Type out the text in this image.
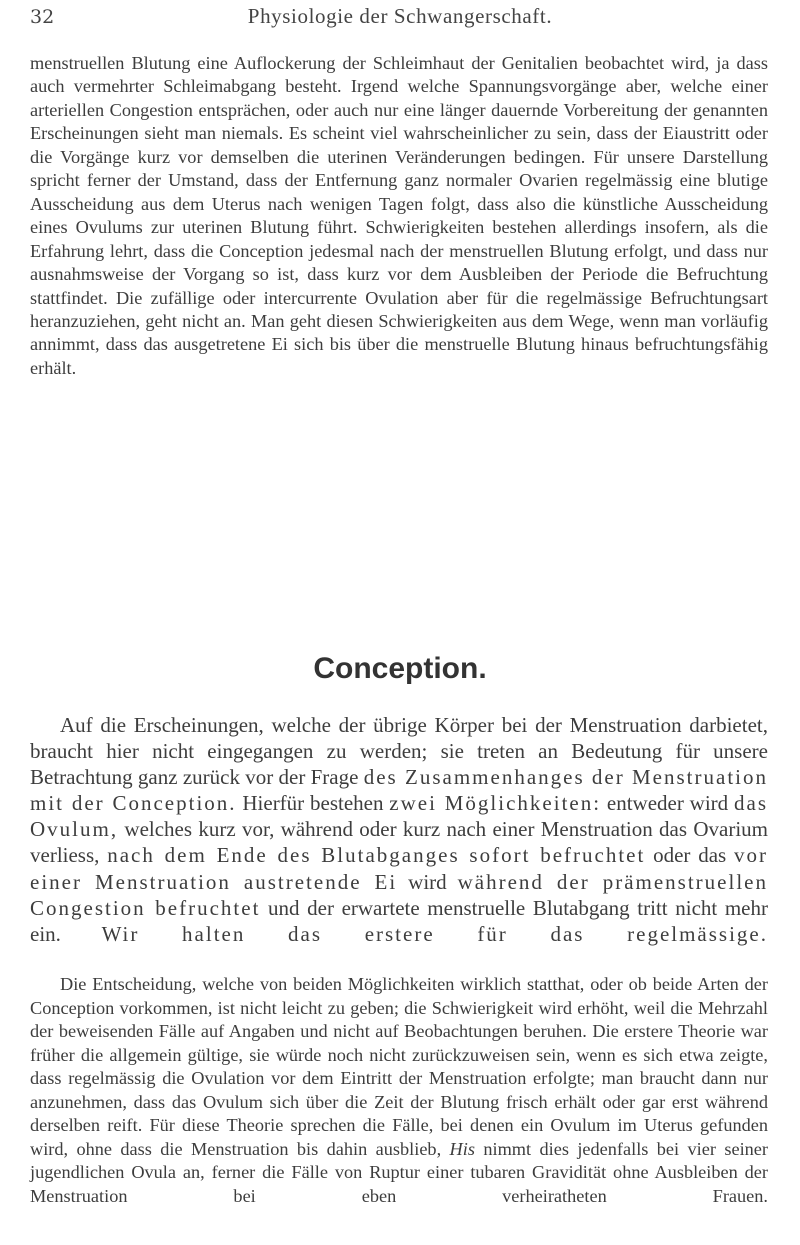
32	Physiologie der Schwangerschaft.

menstruellen Blutung eine Auflockerung der Schleimhaut der Genitalien beobachtet wird, ja dass auch vermehrter Schleimabgang besteht. Irgend welche Spannungsvorgänge aber, welche einer arteriellen Congestion entsprächen, oder auch nur eine länger dauernde Vorbereitung der genannten Erscheinungen sieht man niemals. Es scheint viel wahrscheinlicher zu sein, dass der Eiaustritt oder die Vorgänge kurz vor demselben die uterinen Veränderungen bedingen. Für unsere Darstellung spricht ferner der Umstand, dass der Entfernung ganz normaler Ovarien regelmässig eine blutige Ausscheidung aus dem Uterus nach wenigen Tagen folgt, dass also die künstliche Ausscheidung eines Ovulums zur uterinen Blutung führt. Schwierigkeiten bestehen allerdings insofern, als die Erfahrung lehrt, dass die Conception jedesmal nach der menstruellen Blutung erfolgt, und dass nur ausnahmsweise der Vorgang so ist, dass kurz vor dem Ausbleiben der Periode die Befruchtung stattfindet. Die zufällige oder intercurrente Ovulation aber für die regelmässige Befruchtungsart heranzuziehen, geht nicht an. Man geht diesen Schwierigkeiten aus dem Wege, wenn man vorläufig annimmt, dass das ausgetretene Ei sich bis über die menstruelle Blutung hinaus befruchtungsfähig erhält.

Conception.

Auf die Erscheinungen, welche der übrige Körper bei der Menstruation darbietet, braucht hier nicht eingegangen zu werden; sie treten an Bedeutung für unsere Betrachtung ganz zurück vor der Frage des Zusammenhanges der Menstruation mit der Conception. Hierfür bestehen zwei Möglichkeiten: entweder wird das Ovulum, welches kurz vor, während oder kurz nach einer Menstruation das Ovarium verliess, nach dem Ende des Blutabganges sofort befruchtet oder das vor einer Menstruation austretende Ei wird während der prämenstruellen Congestion befruchtet und der erwartete menstruelle Blutabgang tritt nicht mehr ein. Wir halten das erstere für das regelmässige.

Die Entscheidung, welche von beiden Möglichkeiten wirklich statthat, oder ob beide Arten der Conception vorkommen, ist nicht leicht zu geben; die Schwierigkeit wird erhöht, weil die Mehrzahl der beweisenden Fälle auf Angaben und nicht auf Beobachtungen beruhen. Die erstere Theorie war früher die allgemein gültige, sie würde noch nicht zurückzuweisen sein, wenn es sich etwa zeigte, dass regelmässig die Ovulation vor dem Eintritt der Menstruation erfolgte; man braucht dann nur anzunehmen, dass das Ovulum sich über die Zeit der Blutung frisch erhält oder gar erst während derselben reift. Für diese Theorie sprechen die Fälle, bei denen ein Ovulum im Uterus gefunden wird, ohne dass die Menstruation bis dahin ausblieb, His nimmt dies jedenfalls bei vier seiner jugendlichen Ovula an, ferner die Fälle von Ruptur einer tubaren Gravidität ohne Ausbleiben der Menstruation bei eben verheiratheten Frauen.
